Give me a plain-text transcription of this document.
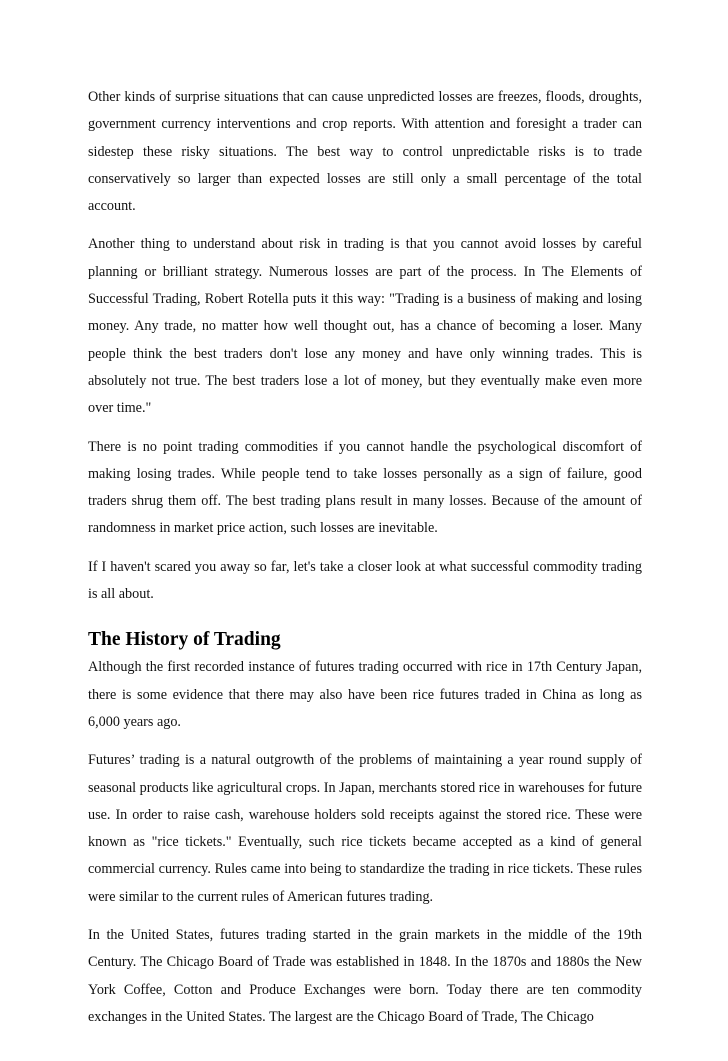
Other kinds of surprise situations that can cause unpredicted losses are freezes, floods, droughts, government currency interventions and crop reports. With attention and foresight a trader can sidestep these risky situations. The best way to control unpredictable risks is to trade conservatively so larger than expected losses are still only a small percentage of the total account.

Another thing to understand about risk in trading is that you cannot avoid losses by careful planning or brilliant strategy. Numerous losses are part of the process. In The Elements of Successful Trading, Robert Rotella puts it this way: "Trading is a business of making and losing money. Any trade, no matter how well thought out, has a chance of becoming a loser. Many people think the best traders don't lose any money and have only winning trades. This is absolutely not true. The best traders lose a lot of money, but they eventually make even more over time."

There is no point trading commodities if you cannot handle the psychological discomfort of making losing trades. While people tend to take losses personally as a sign of failure, good traders shrug them off. The best trading plans result in many losses. Because of the amount of randomness in market price action, such losses are inevitable.

If I haven't scared you away so far, let's take a closer look at what successful commodity trading is all about.

The History of Trading

Although the first recorded instance of futures trading occurred with rice in 17th Century Japan, there is some evidence that there may also have been rice futures traded in China as long as 6,000 years ago.

Futures’ trading is a natural outgrowth of the problems of maintaining a year round supply of seasonal products like agricultural crops. In Japan, merchants stored rice in warehouses for future use. In order to raise cash, warehouse holders sold receipts against the stored rice. These were known as "rice tickets." Eventually, such rice tickets became accepted as a kind of general commercial currency. Rules came into being to standardize the trading in rice tickets. These rules were similar to the current rules of American futures trading.

In the United States, futures trading started in the grain markets in the middle of the 19th Century. The Chicago Board of Trade was established in 1848. In the 1870s and 1880s the New York Coffee, Cotton and Produce Exchanges were born. Today there are ten commodity exchanges in the United States. The largest are the Chicago Board of Trade, The Chicago
